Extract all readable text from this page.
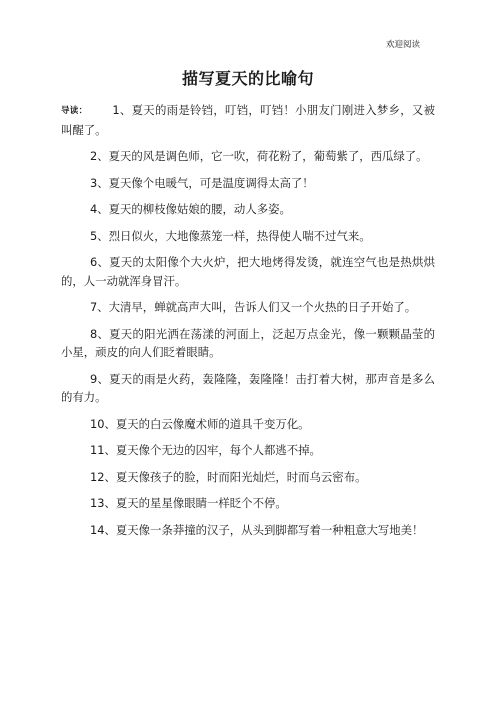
欢迎阅读
描写夏天的比喻句

导读： 1、夏天的雨是铃铛，叮铛，叮铛！小朋友门刚进入梦乡，又被叫醒了。

2、夏天的风是调色师，它一吹，荷花粉了，葡萄紫了，西瓜绿了。

3、夏天像个电暖气，可是温度调得太高了！

4、夏天的柳枝像姑娘的腰，动人多姿。

5、烈日似火，大地像蒸笼一样，热得使人喘不过气来。

6、夏天的太阳像个大火炉，把大地烤得发烫，就连空气也是热烘烘的，人一动就浑身冒汗。

7、大清早，蝉就高声大叫，告诉人们又一个火热的日子开始了。

8、夏天的阳光洒在荡漾的河面上，泛起万点金光，像一颗颗晶莹的小星，顽皮的向人们眨着眼睛。

9、夏天的雨是火药，轰隆隆，轰隆隆！击打着大树，那声音是多么的有力。

10、夏天的白云像魔术师的道具千变万化。

11、夏天像个无边的囚牢，每个人都逃不掉。

12、夏天像孩子的脸，时而阳光灿烂，时而乌云密布。

13、夏天的星星像眼睛一样眨个不停。

14、夏天像一条莽撞的汉子，从头到脚都写着一种粗意大写地美！
